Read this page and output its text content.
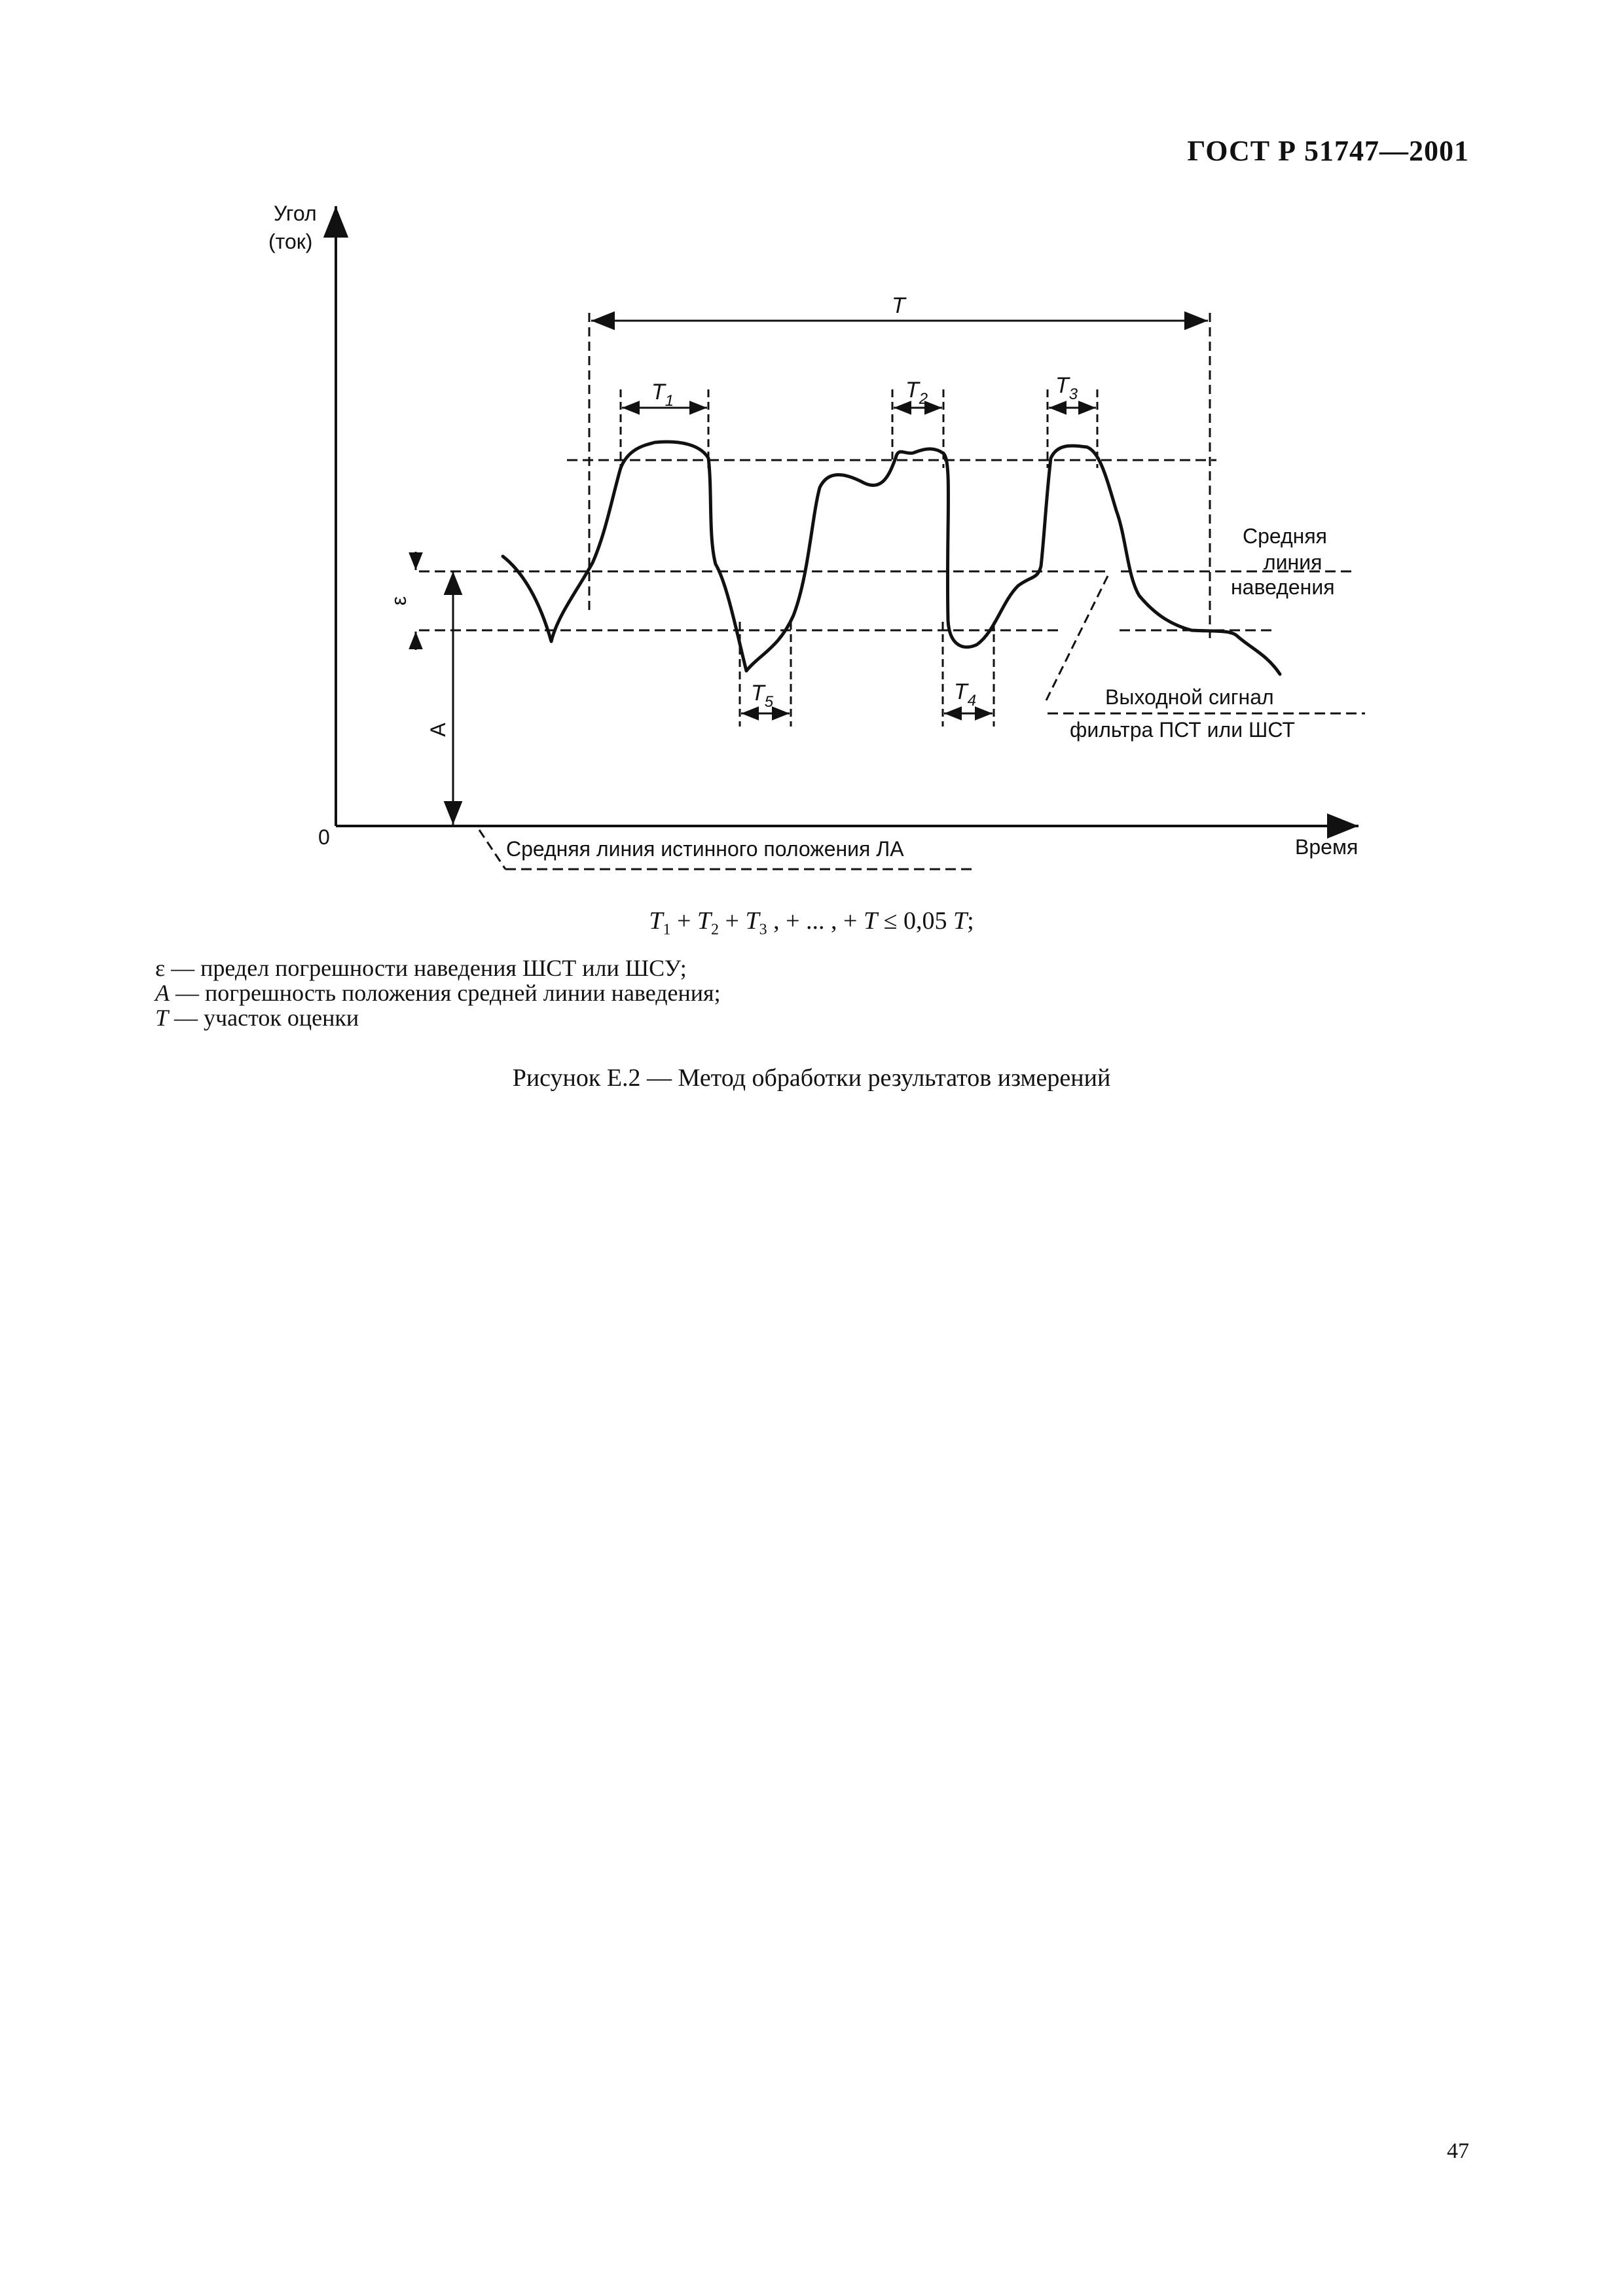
ГОСТ Р 51747—2001
Угол
(ток)
0	Время
T
ε
A
$T_1$	$T_2$
$T_3$
$T_5$	$T_4$
Средняя
линия
наведения
Выходной сигнал
фильтра ПСТ или ШСТ
Средняя линия истинного положения ЛА
$T_1 + T_2 + T_3$ , + ... , + T ≤ 0,05 T;
ε — предел погрешности наведения ШСТ или ШСУ;
A — погрешность положения средней линии наведения;
T — участок оценки
Рисунок Е.2 — Метод обработки результатов измерений
47
